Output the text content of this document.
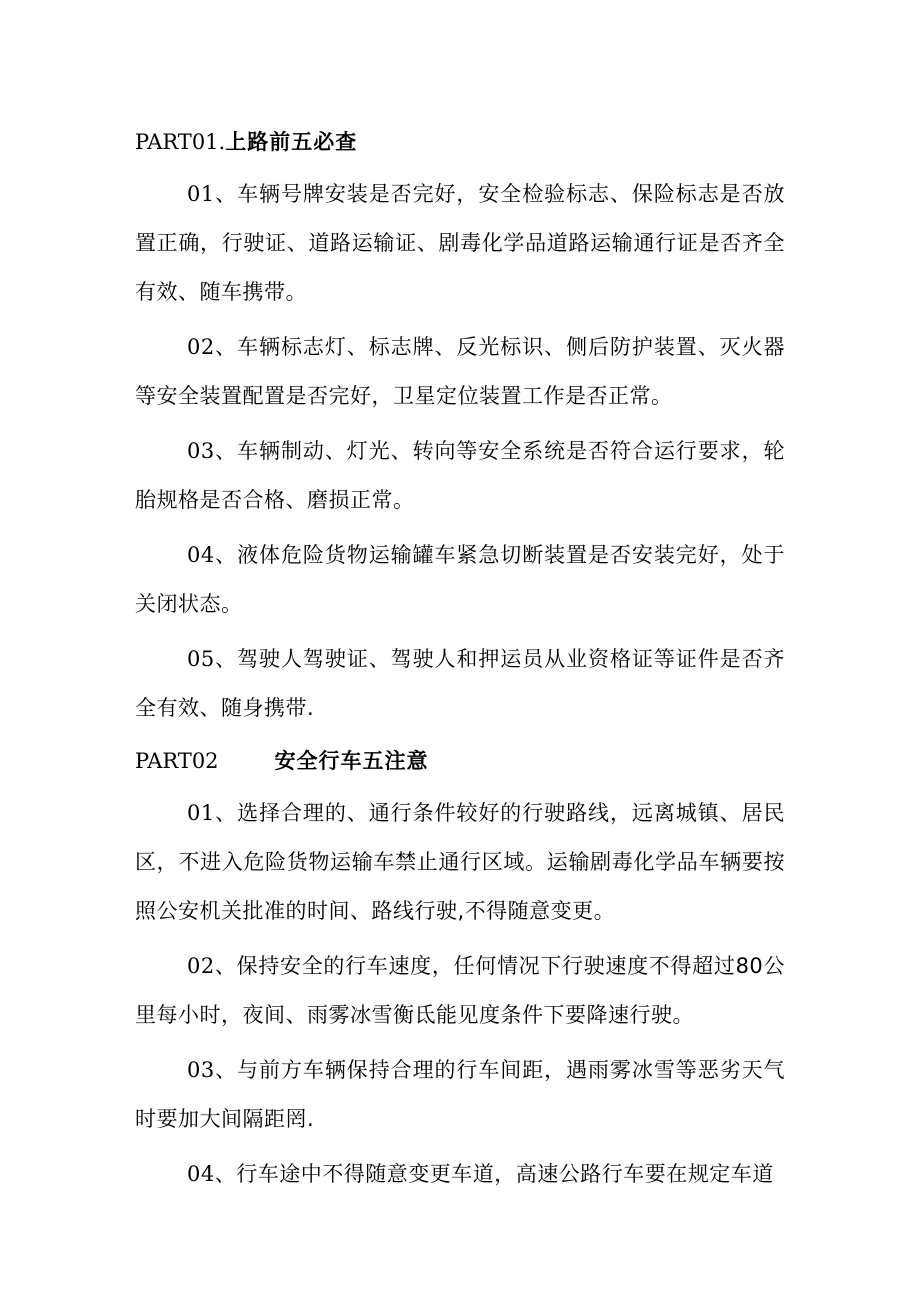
PART01. 上路前五必查

01、车辆号牌安装是否完好，安全检验标志、保险标志是否放置正确，行驶证、道路运输证、剧毒化学品道路运输通行证是否齐全有效、随车携带。

02、车辆标志灯、标志牌、反光标识、侧后防护装置、灭火器等安全装置配置是否完好，卫星定位装置工作是否正常。

03、车辆制动、灯光、转向等安全系统是否符合运行要求，轮胎规格是否合格、磨损正常。

04、液体危险货物运输罐车紧急切断装置是否安装完好，处于关闭状态。

05、驾驶人驾驶证、驾驶人和押运员从业资格证等证件是否齐全有效、随身携带.

PART02	安全行车五注意

01、选择合理的、通行条件较好的行驶路线，远离城镇、居民区，不进入危险货物运输车禁止通行区域。运输剧毒化学品车辆要按照公安机关批准的时间、路线行驶,不得随意变更。

02、保持安全的行车速度，任何情况下行驶速度不得超过80公里每小时，夜间、雨雾冰雪衡氐能见度条件下要降速行驶。

03、与前方车辆保持合理的行车间距，遇雨雾冰雪等恶劣天气时要加大间隔距罔.

04、行车途中不得随意变更车道，高速公路行车要在规定车道
